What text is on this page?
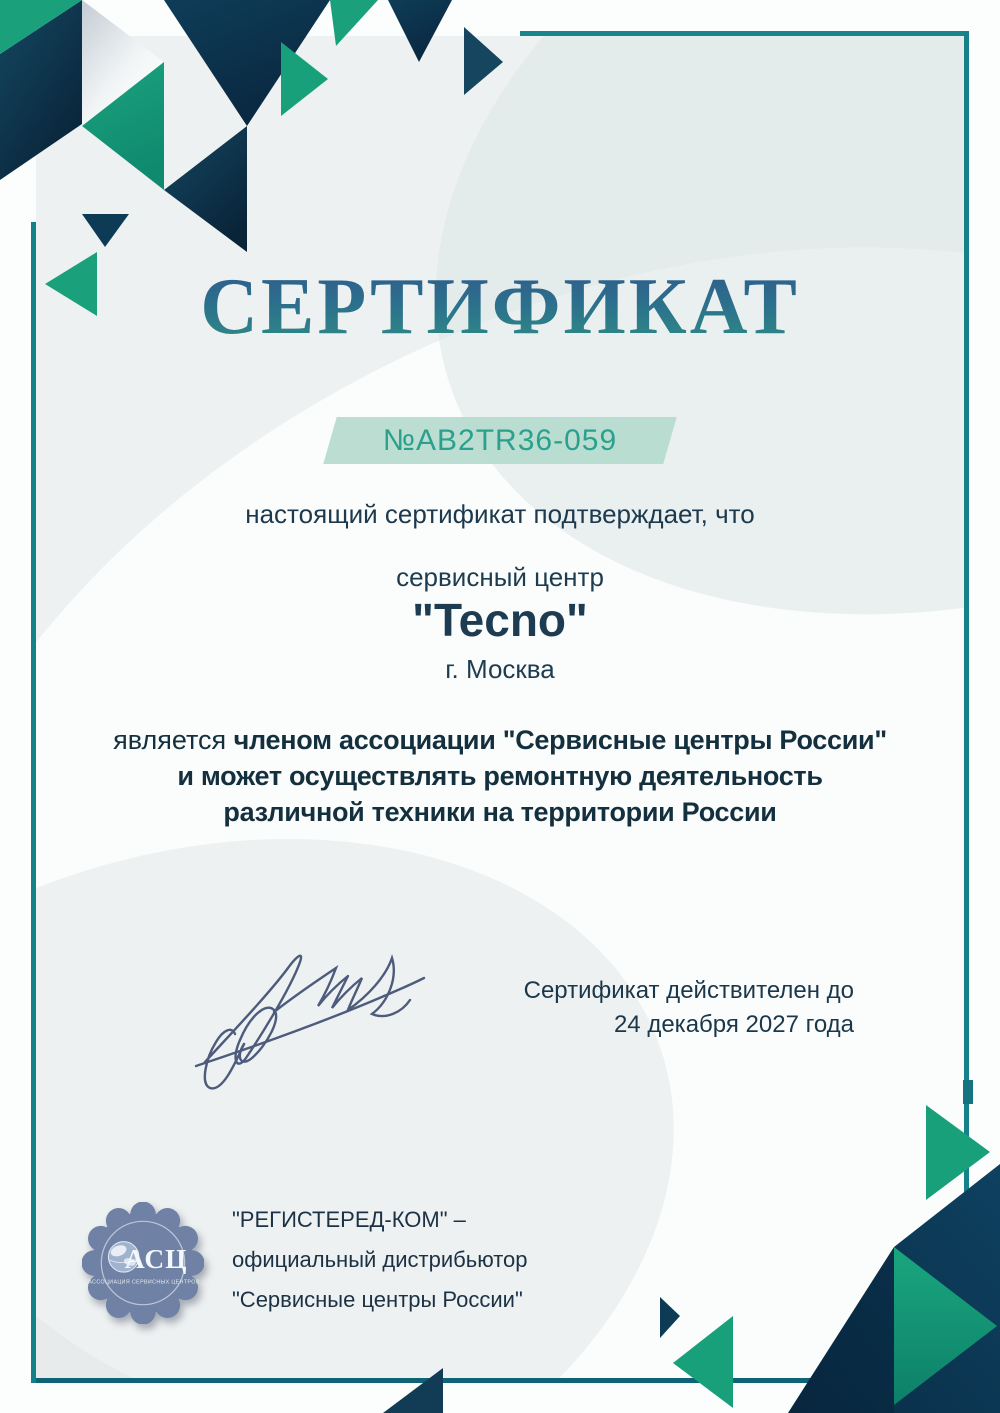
СЕРТИФИКАТ
№AB2TR36-059
настоящий сертификат подтверждает, что
сервисный центр
"Tecno"
г. Москва
является членом ассоциации "Сервисные центры России"
и может осуществлять ремонтную деятельность
различной техники на территории России
Сертификат действителен до
24 декабря 2027 года
АСЦ
АССОЦИАЦИЯ СЕРВИСНЫХ ЦЕНТРОВ
"РЕГИСТЕРЕД-КОМ" –
официальный дистрибьютор
"Сервисные центры России"
